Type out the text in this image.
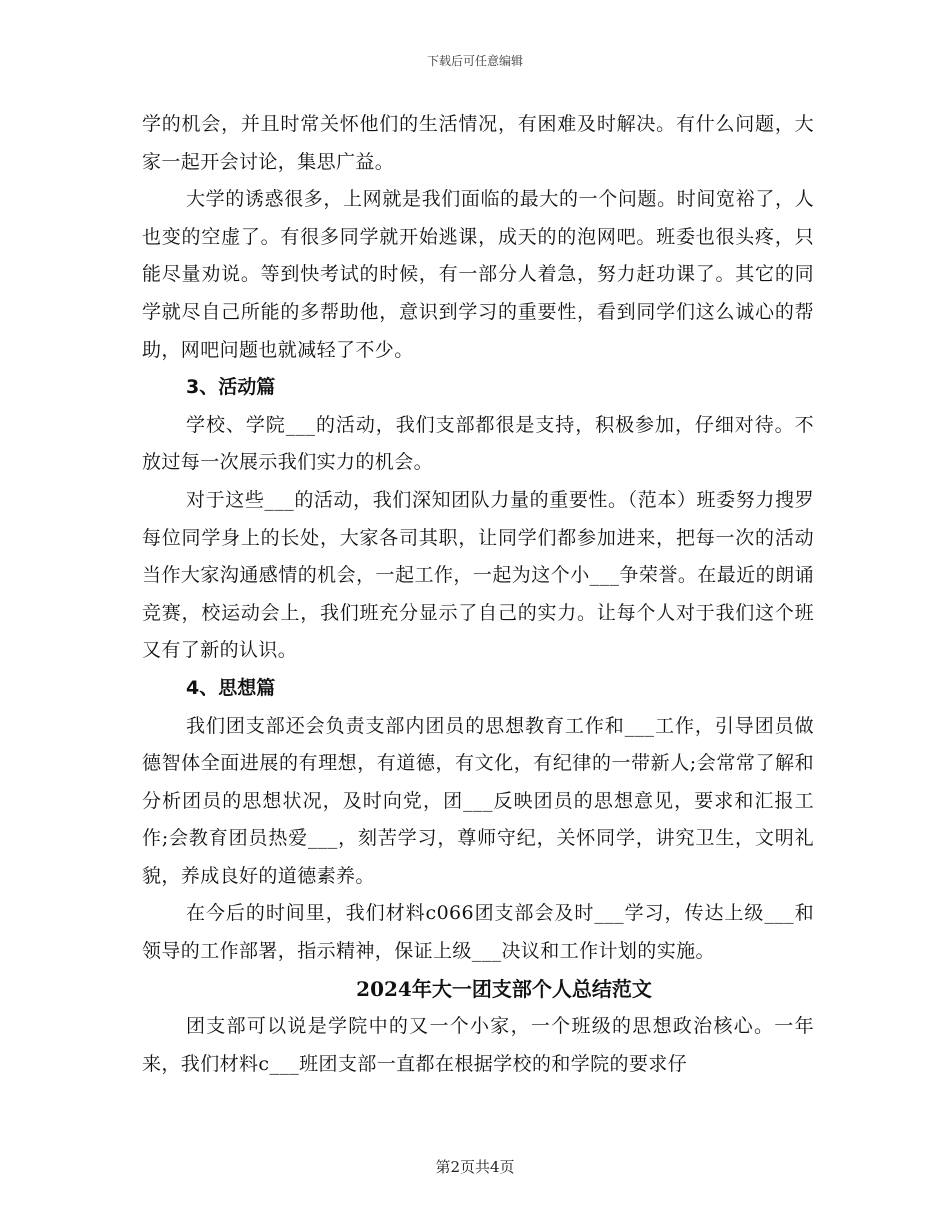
下载后可任意编辑

学的机会，并且时常关怀他们的生活情况，有困难及时解决。有什么问题，大家一起开会讨论，集思广益。

大学的诱惑很多，上网就是我们面临的最大的一个问题。时间宽裕了，人也变的空虚了。有很多同学就开始逃课，成天的的泡网吧。班委也很头疼，只能尽量劝说。等到快考试的时候，有一部分人着急，努力赶功课了。其它的同学就尽自己所能的多帮助他，意识到学习的重要性，看到同学们这么诚心的帮助，网吧问题也就减轻了不少。

3、活动篇

学校、学院___的活动，我们支部都很是支持，积极参加，仔细对待。不放过每一次展示我们实力的机会。

对于这些___的活动，我们深知团队力量的重要性。（范本）班委努力搜罗每位同学身上的长处，大家各司其职，让同学们都参加进来，把每一次的活动当作大家沟通感情的机会，一起工作，一起为这个小___争荣誉。在最近的朗诵竞赛，校运动会上，我们班充分显示了自己的实力。让每个人对于我们这个班又有了新的认识。

4、思想篇

我们团支部还会负责支部内团员的思想教育工作和___工作，引导团员做德智体全面进展的有理想，有道德，有文化，有纪律的一带新人;会常常了解和分析团员的思想状况，及时向党，团___反映团员的思想意见，要求和汇报工作;会教育团员热爱___，刻苦学习，尊师守纪，关怀同学，讲究卫生，文明礼貌，养成良好的道德素养。

在今后的时间里，我们材料c066团支部会及时___学习，传达上级___和领导的工作部署，指示精神，保证上级___决议和工作计划的实施。

2024年大一团支部个人总结范文

团支部可以说是学院中的又一个小家，一个班级的思想政治核心。一年来，我们材料c___班团支部一直都在根据学校的和学院的要求仔

第2页共4页
